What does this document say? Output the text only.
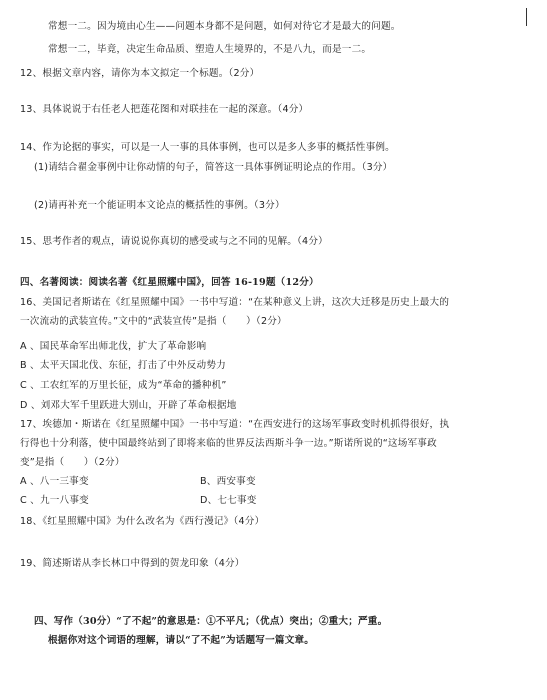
常想一二。因为境由心生——问题本身都不是问题，如何对待它才是最大的问题。
常想一二，毕竟，决定生命品质、塑造人生境界的，不是八九，而是一二。
12、根据文章内容，请你为本文拟定一个标题。（2分）
13、具体说说于右任老人把莲花图和对联挂在一起的深意。（4分）
14、作为论据的事实，可以是一人一事的具体事例，也可以是多人多事的概括性事例。
(1)请结合翟金事例中让你动情的句子，简答这一具体事例证明论点的作用。（3分）
(2)请再补充一个能证明本文论点的概括性的事例。（3分）
15、思考作者的观点，请说说你真切的感受或与之不同的见解。（4分）
四、名著阅读：阅读名著《红星照耀中国》，回答 16-19题（12分）
16、美国记者斯诺在《红星照耀中国》一书中写道：“在某种意义上讲，这次大迁移是历史上最大的
一次流动的武装宣传。”文中的“武装宣传”是指（　　）（2分）
A 、国民革命军出师北伐，扩大了革命影响
B 、太平天国北伐、东征，打击了中外反动势力
C 、工农红军的万里长征，成为“革命的播种机”
D 、刘邓大军千里跃进大别山，开辟了革命根据地
17、埃德加・斯诺在《红星照耀中国》一书中写道：“在西安进行的这场军事政变时机抓得很好，执
行得也十分利落，使中国最终站到了即将来临的世界反法西斯斗争一边。”斯诺所说的“这场军事政
变”是指（　　）（2分）
A 、八一三事变	B、西安事变
C 、九一八事变	D、七七事变
18、《红星照耀中国》为什么改名为《西行漫记》（4分）
19、简述斯诺从李长林口中得到的贺龙印象（4分）
四、写作（30分）“了不起”的意思是：①不平凡；（优点）突出；②重大；严重。
根据你对这个词语的理解，请以“了不起”为话题写一篇文章。
